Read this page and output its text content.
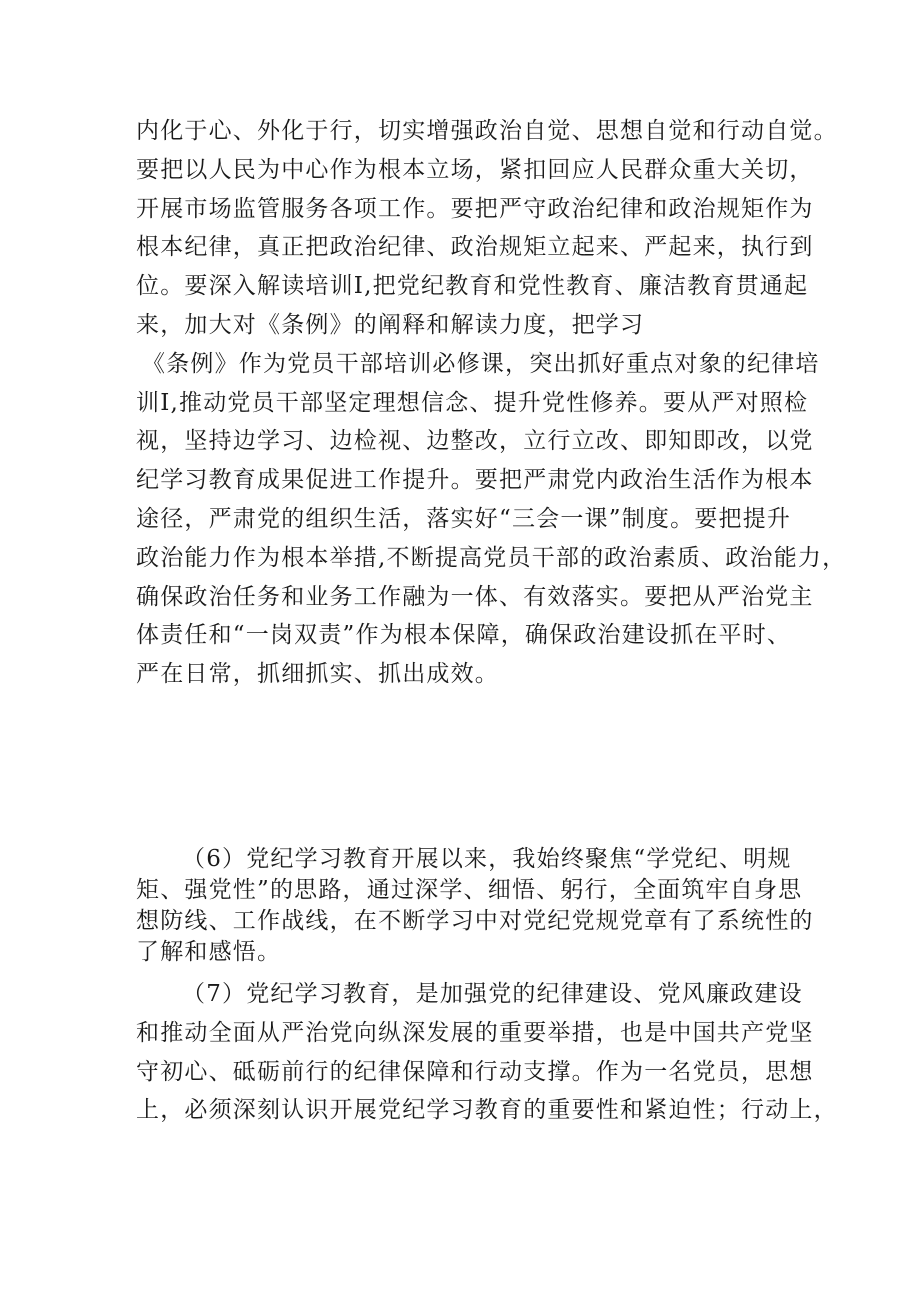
内化于心、外化于行，切实增强政治自觉、思想自觉和行动自觉。
要把以人民为中心作为根本立场，紧扣回应人民群众重大关切，
开展市场监管服务各项工作。要把严守政治纪律和政治规矩作为
根本纪律，真正把政治纪律、政治规矩立起来、严起来，执行到
位。要深入解读培训I,把党纪教育和党性教育、廉洁教育贯通起
来，加大对《条例》的阐释和解读力度，把学习
《条例》作为党员干部培训必修课，突出抓好重点对象的纪律培
训I,推动党员干部坚定理想信念、提升党性修养。要从严对照检
视，坚持边学习、边检视、边整改，立行立改、即知即改，以党
纪学习教育成果促进工作提升。要把严肃党内政治生活作为根本
途径，严肃党的组织生活，落实好“三会一课”制度。要把提升
政治能力作为根本举措,不断提高党员干部的政治素质、政治能力，
确保政治任务和业务工作融为一体、有效落实。要把从严治党主
体责任和“一岗双责”作为根本保障，确保政治建设抓在平时、
严在日常，抓细抓实、抓出成效。
（6）党纪学习教育开展以来，我始终聚焦“学党纪、明规
矩、强党性”的思路，通过深学、细悟、躬行，全面筑牢自身思
想防线、工作战线，在不断学习中对党纪党规党章有了系统性的
了解和感悟。
（7）党纪学习教育，是加强党的纪律建设、党风廉政建设
和推动全面从严治党向纵深发展的重要举措，也是中国共产党坚
守初心、砥砺前行的纪律保障和行动支撑。作为一名党员，思想
上，必须深刻认识开展党纪学习教育的重要性和紧迫性；行动上，
